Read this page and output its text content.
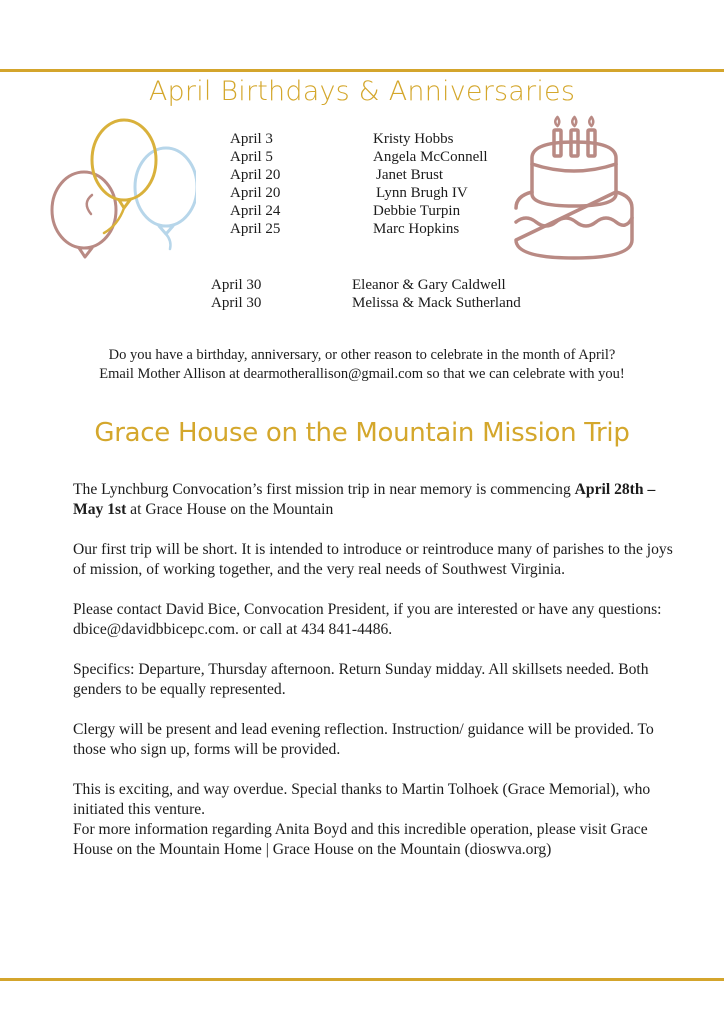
April Birthdays & Anniversaries
April 3	Kristy Hobbs
April 5	Angela McConnell
April 20	Janet Brust
April 20	Lynn Brugh IV
April 24	Debbie Turpin
April 25	Marc Hopkins
April 30	Eleanor & Gary Caldwell
April 30	Melissa & Mack Sutherland

Do you have a birthday, anniversary, or other reason to celebrate in the month of April?

Email Mother Allison at dearmotherallison@gmail.com so that we can celebrate with you!

Grace House on the Mountain Mission Trip

The Lynchburg Convocation’s first mission trip in near memory is commencing April 28th – May 1st at Grace House on the Mountain

Our first trip will be short. It is intended to introduce or reintroduce many of parishes to the joys of mission, of working together, and the very real needs of Southwest Virginia.

Please contact David Bice, Convocation President, if you are interested or have any questions: dbice@davidbbicepc.com. or call at 434 841-4486.

Specifics: Departure, Thursday afternoon. Return Sunday midday. All skillsets needed. Both genders to be equally represented.

Clergy will be present and lead evening reflection. Instruction/ guidance will be provided. To those who sign up, forms will be provided.

This is exciting, and way overdue. Special thanks to Martin Tolhoek (Grace Memorial), who initiated this venture.

For more information regarding Anita Boyd and this incredible operation, please visit Grace House on the Mountain Home | Grace House on the Mountain (dioswva.org)
